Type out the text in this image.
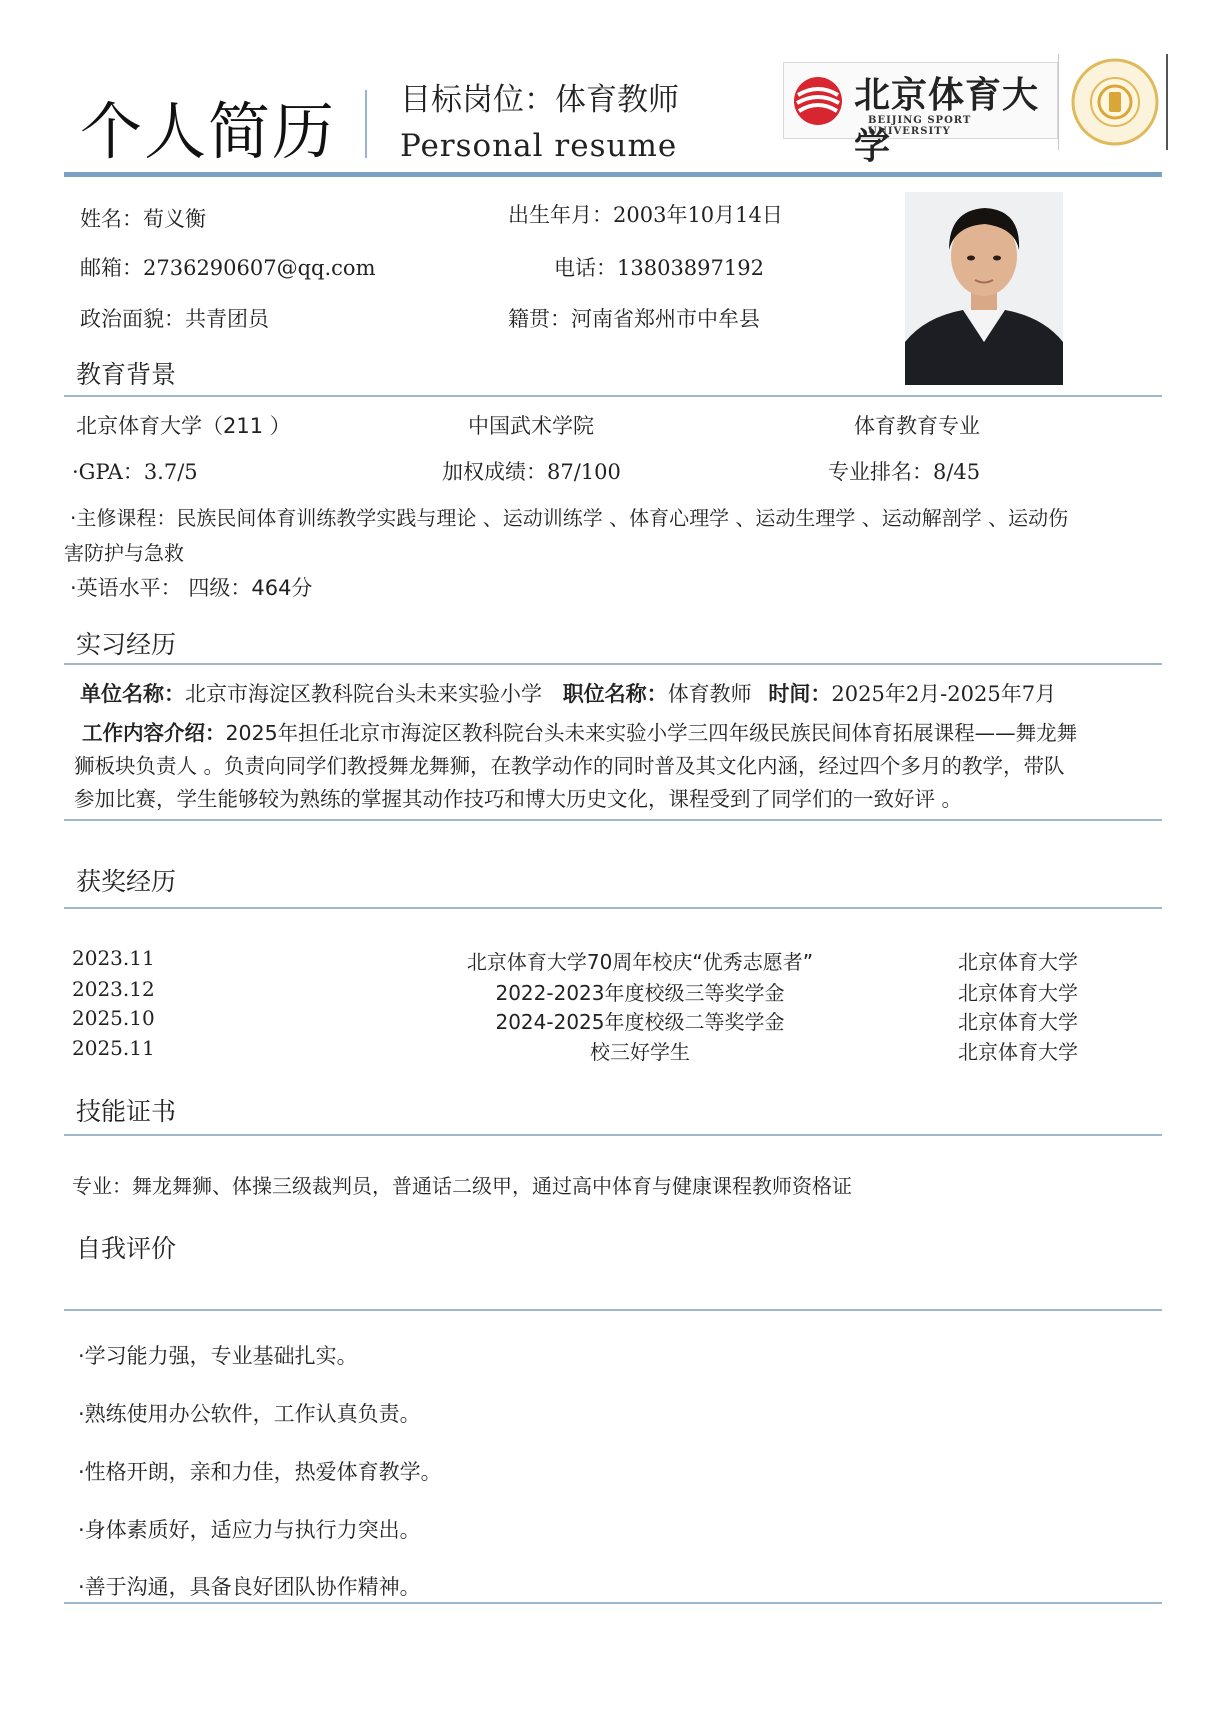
个人简历 目标岗位：体育教师
Personal resume
北京体育大学
BEIJING SPORT UNIVERSITY
姓名：荀义衡	出生年月：2003年10月14日
邮箱：2736290607@qq.com	电话：13803897192
政治面貌：共青团员	籍贯：河南省郑州市中牟县
教育背景
北京体育大学（211 ）	中国武术学院	体育教育专业
·GPA：3.7/5	加权成绩：87/100	专业排名：8/45
·主修课程：民族民间体育训练教学实践与理论 、运动训练学 、体育心理学 、运动生理学 、运动解剖学 、运动伤
害防护与急救
·英语水平： 四级：464分
实习经历
单位名称：北京市海淀区教科院台头未来实验小学 职位名称：体育教师 时间：2025年2月-2025年7月
工作内容介绍：2025年担任北京市海淀区教科院台头未来实验小学三四年级民族民间体育拓展课程——舞龙舞
狮板块负责人 。负责向同学们教授舞龙舞狮，在教学动作的同时普及其文化内涵，经过四个多月的教学，带队
参加比赛，学生能够较为熟练的掌握其动作技巧和博大历史文化，课程受到了同学们的一致好评 。
获奖经历
2023.11	北京体育大学70周年校庆“优秀志愿者”	北京体育大学
2023.12	2022-2023年度校级三等奖学金	北京体育大学
2025.10	2024-2025年度校级二等奖学金	北京体育大学
2025.11	校三好学生	北京体育大学
技能证书
专业：舞龙舞狮、体操三级裁判员，普通话二级甲，通过高中体育与健康课程教师资格证
自我评价
·学习能力强，专业基础扎实。
·熟练使用办公软件，工作认真负责。
·性格开朗，亲和力佳，热爱体育教学。
·身体素质好，适应力与执行力突出。
·善于沟通，具备良好团队协作精神。
